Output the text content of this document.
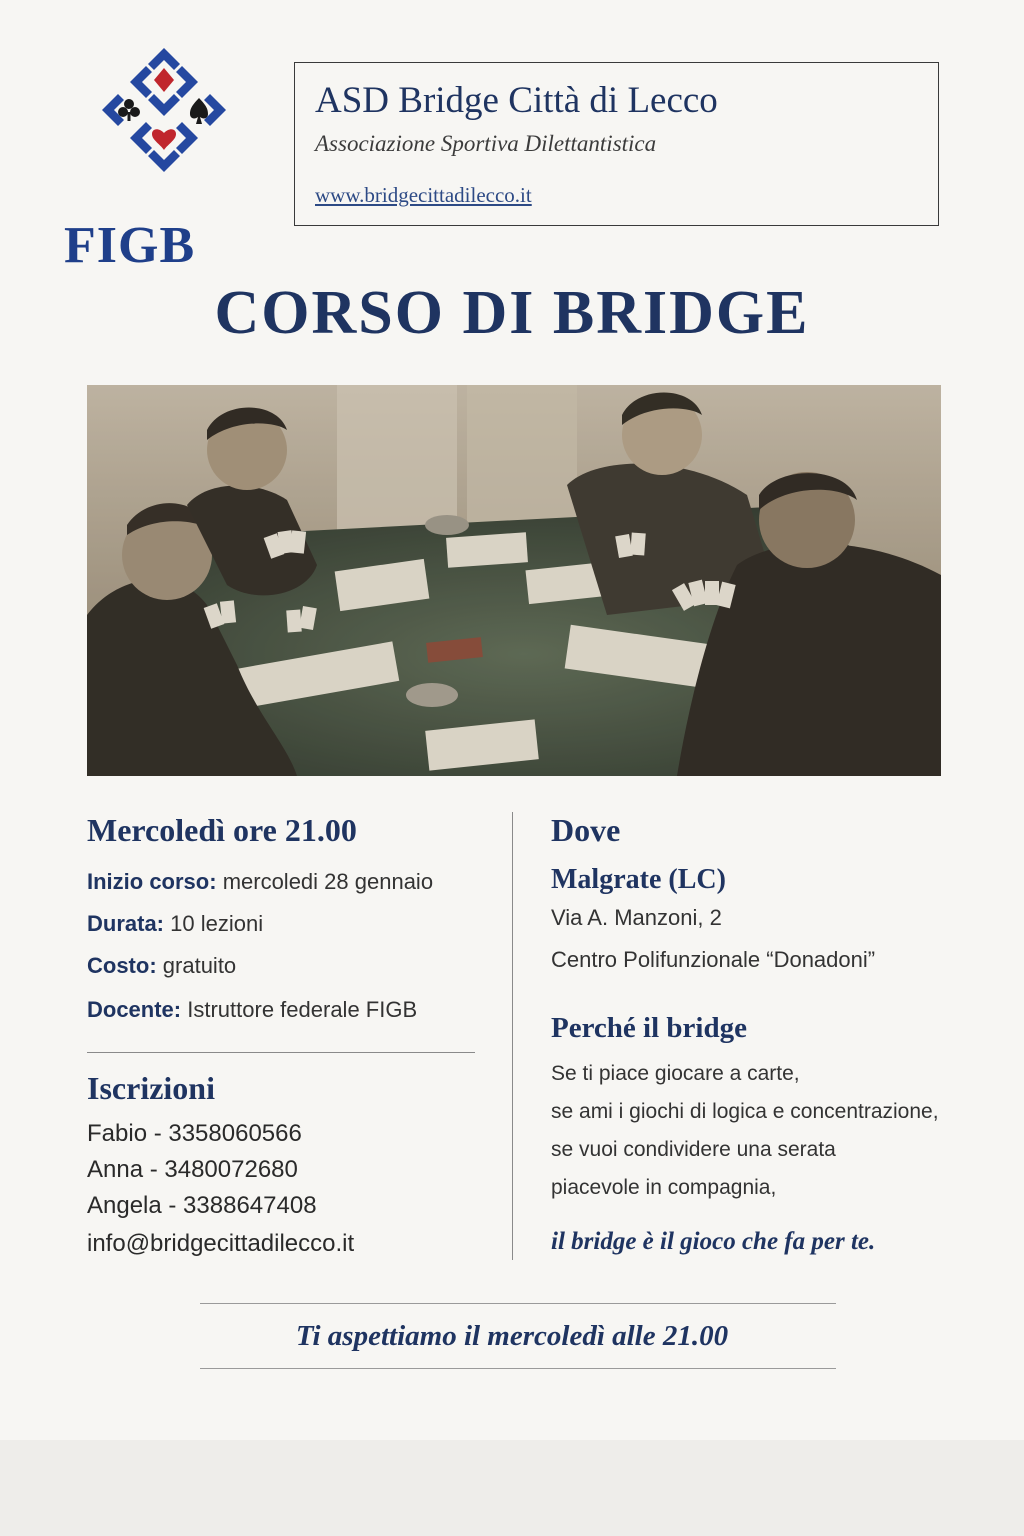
FIGB
ASD Bridge Città di Lecco
Associazione Sportiva Dilettantistica
www.bridgecittadilecco.it
CORSO DI BRIDGE
Mercoledì ore 21.00
Inizio corso: mercoledi 28 gennaio
Durata: 10 lezioni
Costo: gratuito
Docente: Istruttore federale FIGB
Iscrizioni
Fabio - 3358060566
Anna - 3480072680
Angela - 3388647408
info@bridgecittadilecco.it
Dove
Malgrate (LC)
Via A. Manzoni, 2
Centro Polifunzionale “Donadoni”
Perché il bridge
Se ti piace giocare a carte,
se ami i giochi di logica e concentrazione,
se vuoi condividere una serata
piacevole in compagnia,
il bridge è il gioco che fa per te.
Ti aspettiamo il mercoledì alle 21.00
